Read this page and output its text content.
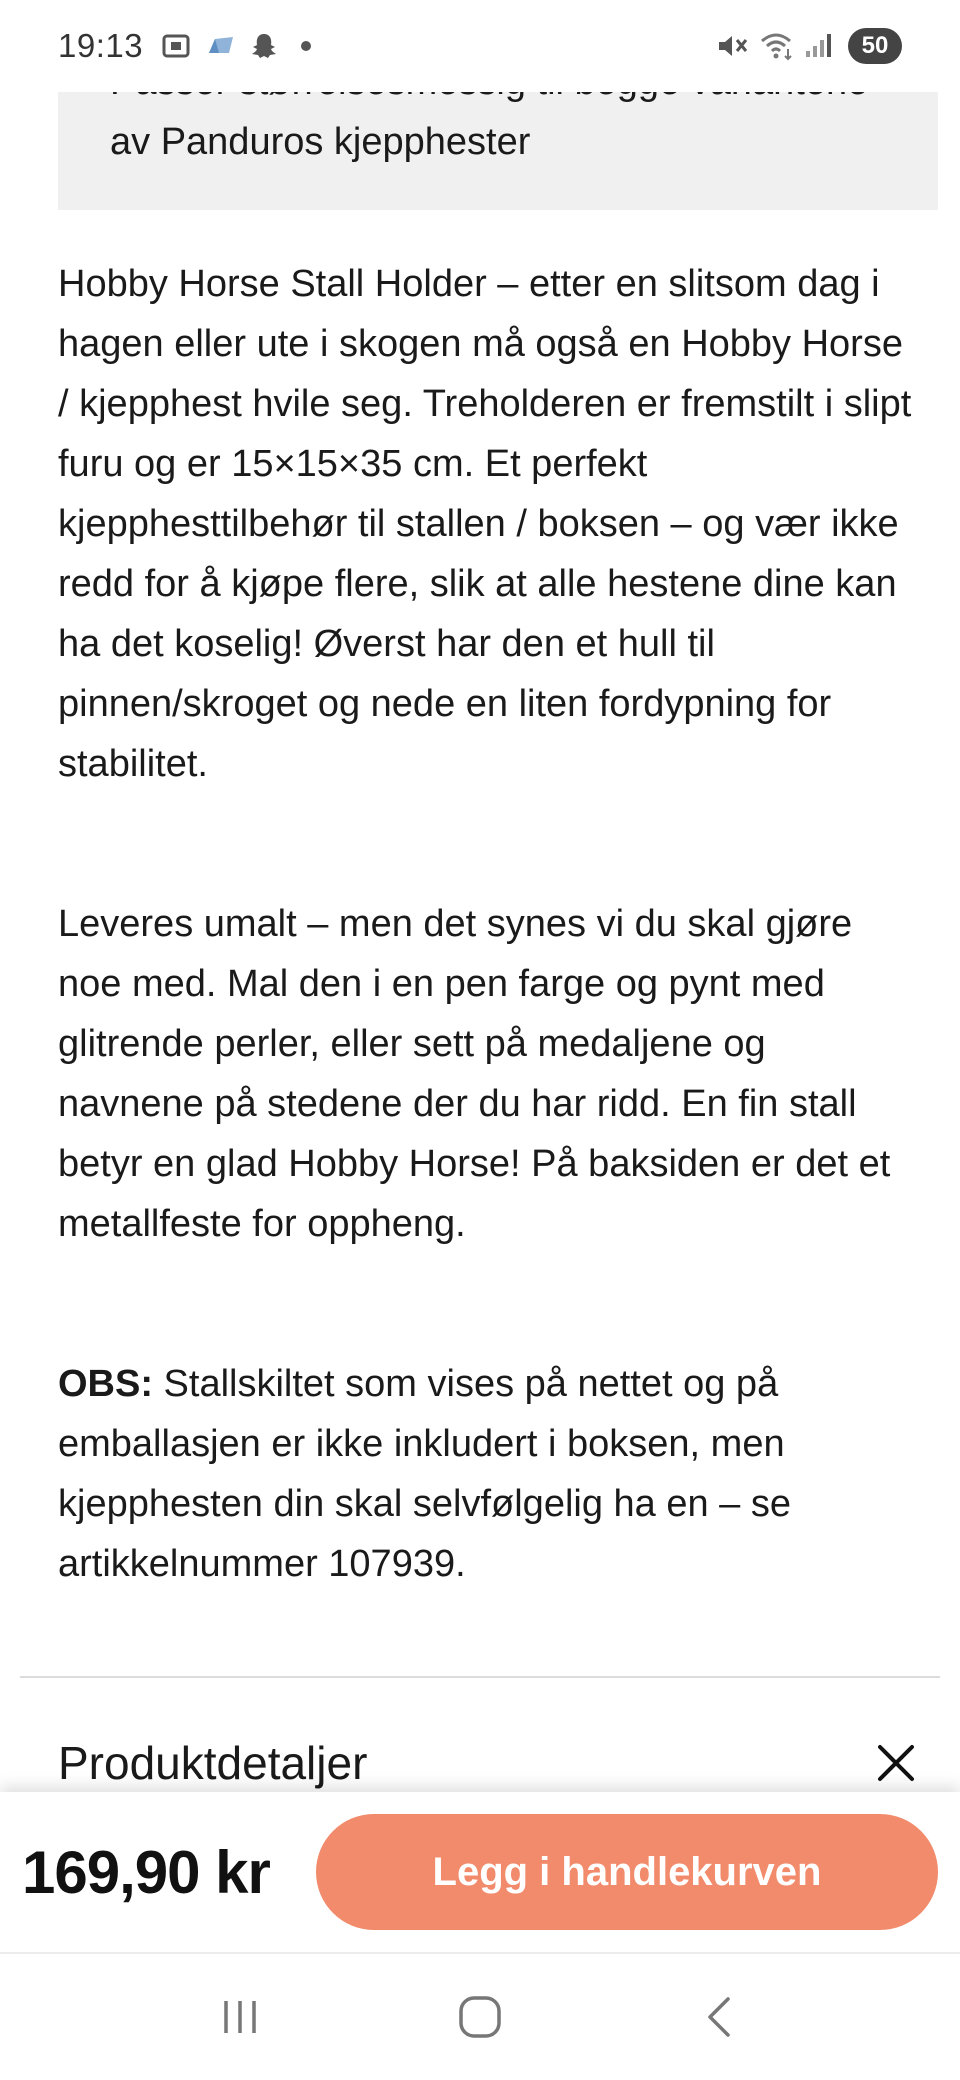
av Panduros kjepphester
19:13	50

Hobby Horse Stall Holder – etter en slitsom dag i hagen eller ute i skogen må også en Hobby Horse / kjepphest hvile seg. Treholderen er fremstilt i slipt furu og er 15×15×35 cm. Et perfekt kjepphesttilbehør til stallen / boksen – og vær ikke redd for å kjøpe flere, slik at alle hestene dine kan ha det koselig! Øverst har den et hull til pinnen/skroget og nede en liten fordypning for stabilitet.

Leveres umalt – men det synes vi du skal gjøre noe med. Mal den i en pen farge og pynt med glitrende perler, eller sett på medaljene og navnene på stedene der du har ridd. En fin stall betyr en glad Hobby Horse! På baksiden er det et metallfeste for oppheng.

OBS: Stallskiltet som vises på nettet og på emballasjen er ikke inkludert i boksen, men kjepphesten din skal selvfølgelig ha en – se artikkelnummer 107939.

Produktdetaljer
169,90 kr	Legg i handlekurven
